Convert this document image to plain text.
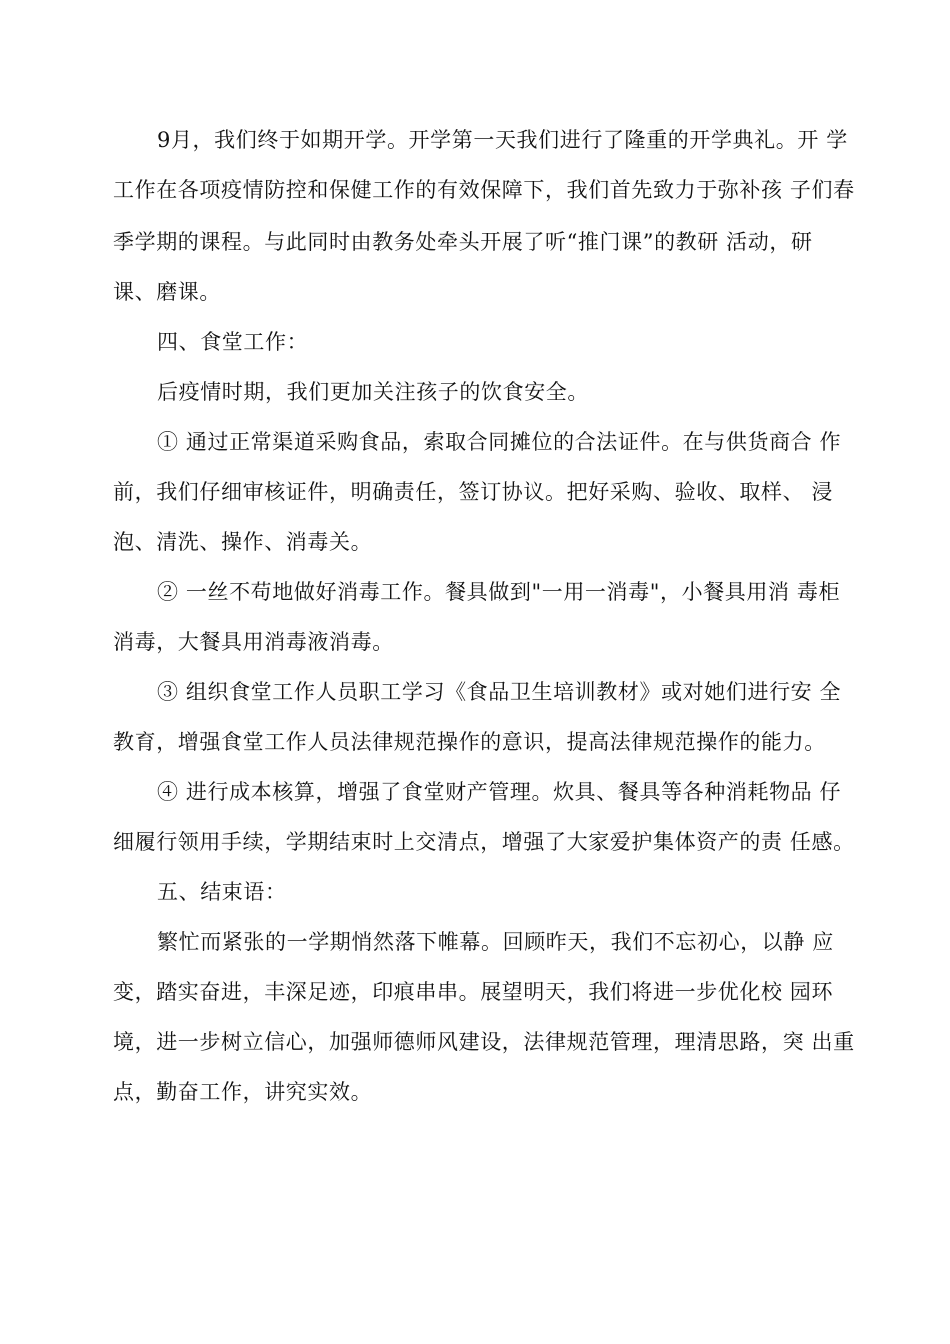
9月，我们终于如期开学。开学第一天我们进行了隆重的开学典礼。开 学
工作在各项疫情防控和保健工作的有效保障下，我们首先致力于弥补孩 子们春
季学期的课程。与此同时由教务处牵头开展了听“推门课”的教研 活动，研
课、磨课。
四、食堂工作：
后疫情时期，我们更加关注孩子的饮食安全。
① 通过正常渠道采购食品，索取合同摊位的合法证件。在与供货商合 作
前，我们仔细审核证件，明确责任，签订协议。把好采购、验收、取样、 浸
泡、清洗、操作、消毒关。
② 一丝不苟地做好消毒工作。餐具做到"一用一消毒"，小餐具用消 毒柜
消毒，大餐具用消毒液消毒。
③ 组织食堂工作人员职工学习《食品卫生培训教材》或对她们进行安 全
教育，增强食堂工作人员法律规范操作的意识，提高法律规范操作的能力。
④ 进行成本核算，增强了食堂财产管理。炊具、餐具等各种消耗物品 仔
细履行领用手续，学期结束时上交清点，增强了大家爱护集体资产的责 任感。
五、结束语：
繁忙而紧张的一学期悄然落下帷幕。回顾昨天，我们不忘初心，以静 应
变，踏实奋进，丰深足迹，印痕串串。展望明天，我们将进一步优化校 园环
境，进一步树立信心，加强师德师风建设，法律规范管理，理清思路，突 出重
点，勤奋工作，讲究实效。
